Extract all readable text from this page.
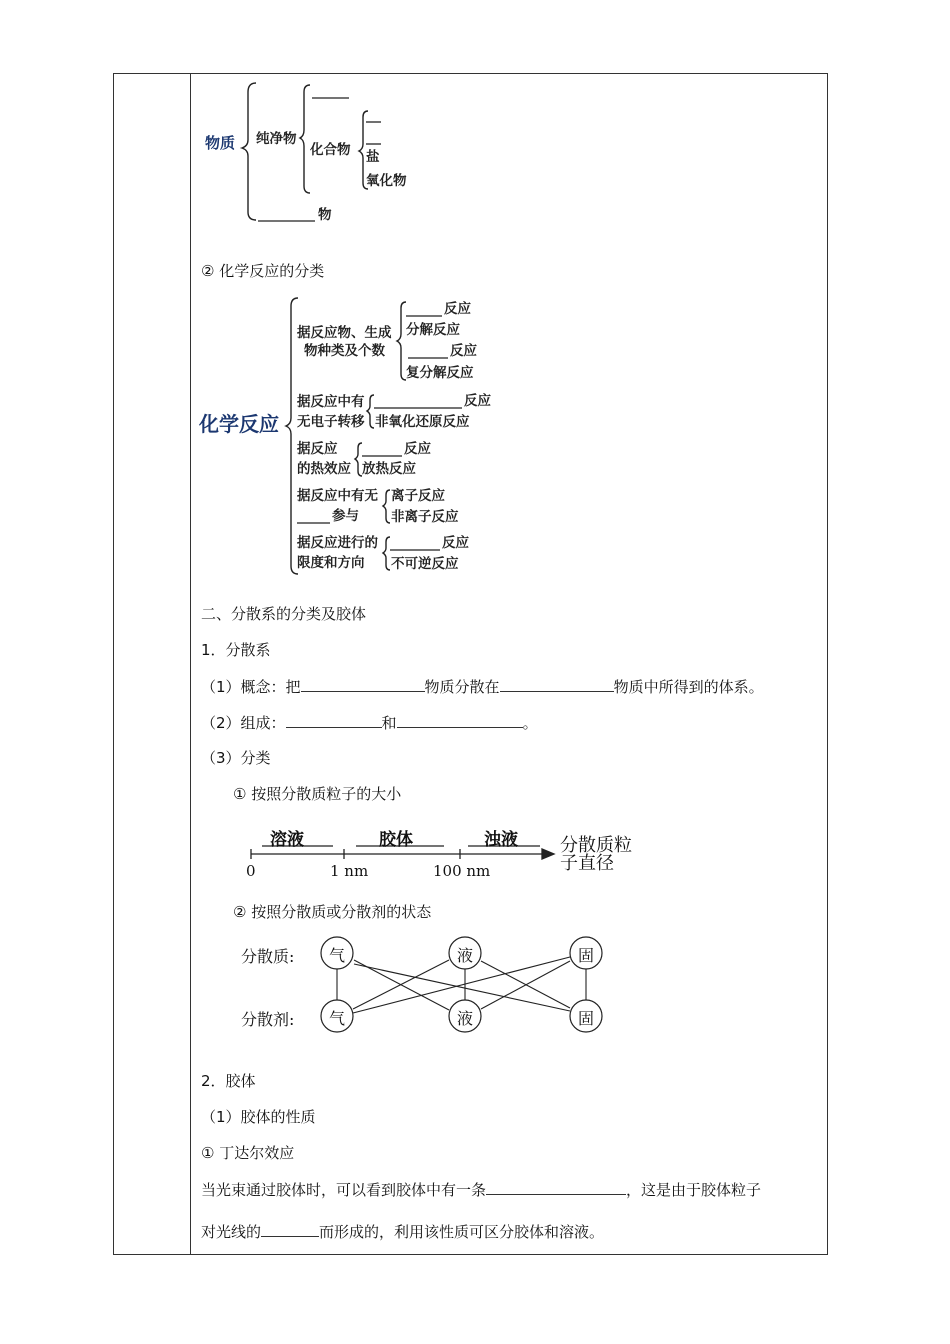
物质 纯净物
化合物 盐
氧化物
物
② 化学反应的分类
化学反应
据反应物、生成
物种类及个数
反应
分解反应
反应
复分解反应
据反应中有
无电子转移
反应
非氧化还原反应
据反应
的热效应
反应
放热反应
据反应中有无
参与
离子反应
非离子反应
据反应进行的
限度和方向
反应
不可逆反应
二、分散系的分类及胶体
1．分散系
（1）概念：把	物质分散在	物质中所得到的体系。
（2）组成：	和	。
（3）分类
① 按照分散质粒子的大小
溶液	胶体	浊液
0	1 nm	100 nm
分散质粒
子直径
② 按照分散质或分散剂的状态
分散质:
分散剂:
气	液	固
气	液	固
2．胶体
（1）胶体的性质
① 丁达尔效应
当光束通过胶体时，可以看到胶体中有一条	，这是由于胶体粒子
对光线的	而形成的，利用该性质可区分胶体和溶液。
